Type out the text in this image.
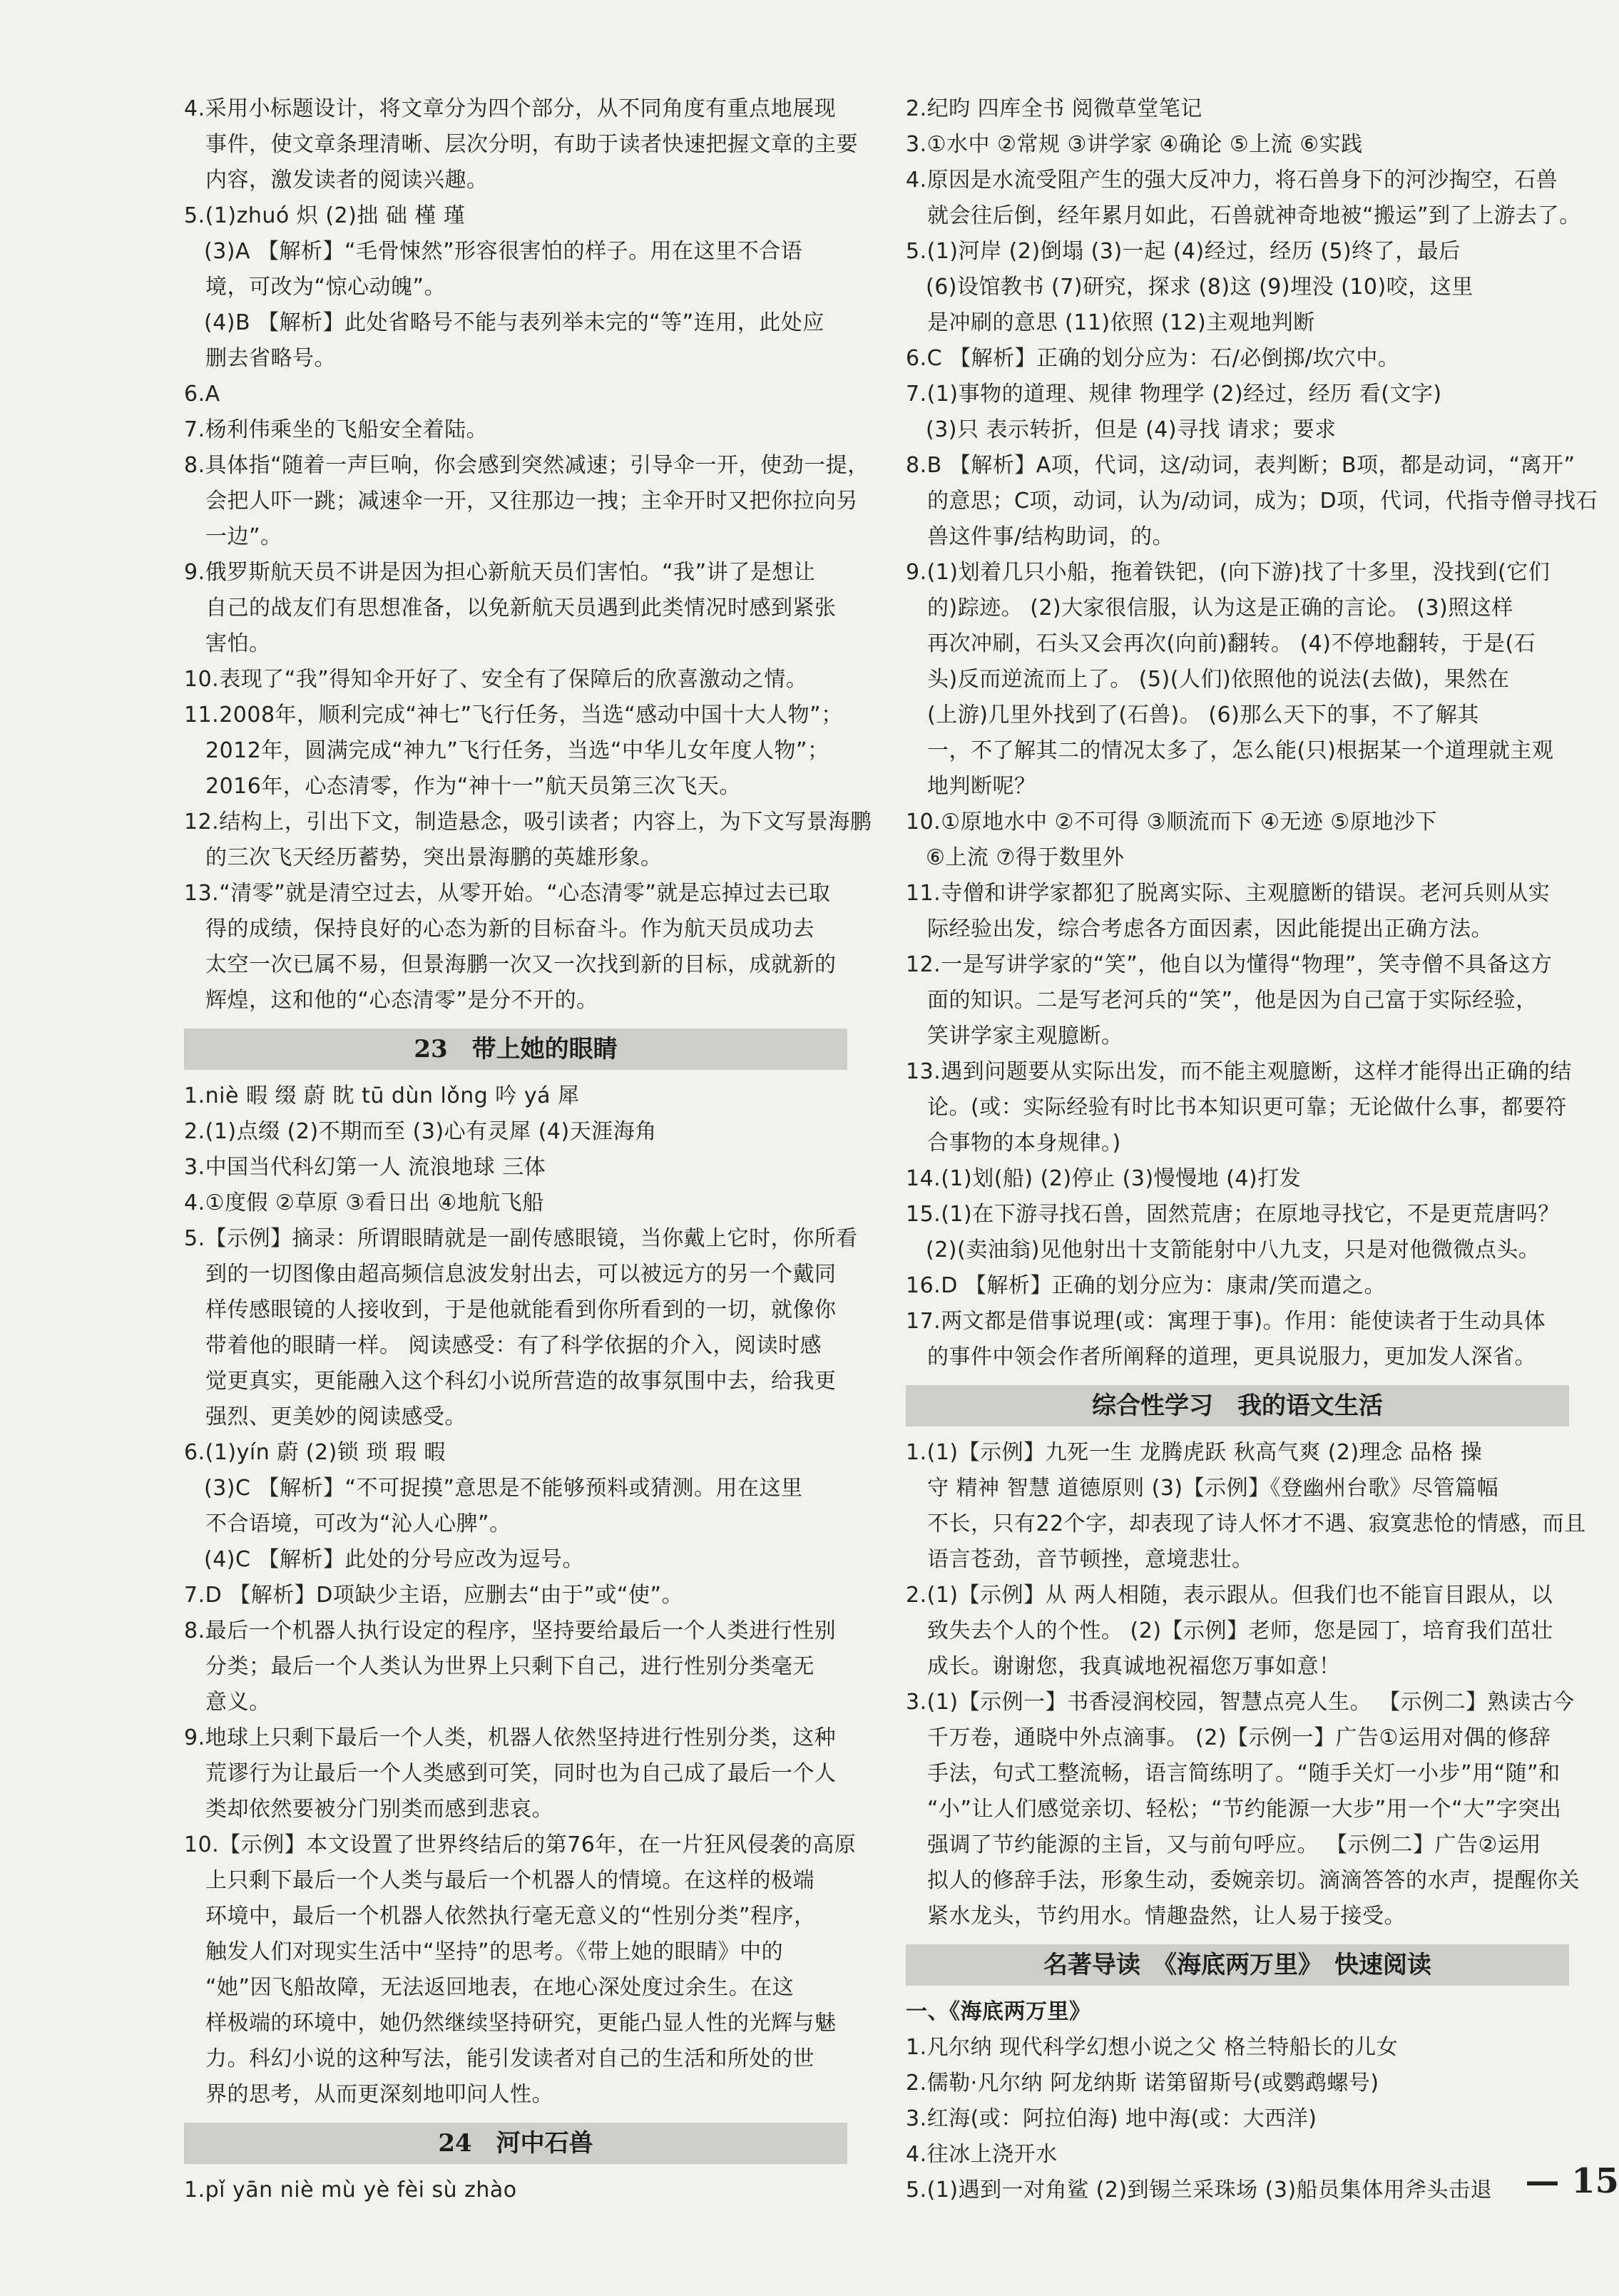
4.采用小标题设计，将文章分为四个部分，从不同角度有重点地展现
事件，使文章条理清晰、层次分明，有助于读者快速把握文章的主要
内容，激发读者的阅读兴趣。
5.(1)zhuó 炽 (2)拙 础 槿 瑾
(3)A 【解析】“毛骨悚然”形容很害怕的样子。用在这里不合语
境，可改为“惊心动魄”。
(4)B 【解析】此处省略号不能与表列举未完的“等”连用，此处应
删去省略号。
6.A
7.杨利伟乘坐的飞船安全着陆。
8.具体指“随着一声巨响，你会感到突然减速；引导伞一开，使劲一提，
会把人吓一跳；减速伞一开，又往那边一拽；主伞开时又把你拉向另
一边”。
9.俄罗斯航天员不讲是因为担心新航天员们害怕。“我”讲了是想让
自己的战友们有思想准备，以免新航天员遇到此类情况时感到紧张
害怕。
10.表现了“我”得知伞开好了、安全有了保障后的欣喜激动之情。
11.2008年，顺利完成“神七”飞行任务，当选“感动中国十大人物”；
2012年，圆满完成“神九”飞行任务，当选“中华儿女年度人物”；
2016年，心态清零，作为“神十一”航天员第三次飞天。
12.结构上，引出下文，制造悬念，吸引读者；内容上，为下文写景海鹏
的三次飞天经历蓄势，突出景海鹏的英雄形象。
13.“清零”就是清空过去，从零开始。“心态清零”就是忘掉过去已取
得的成绩，保持良好的心态为新的目标奋斗。作为航天员成功去
太空一次已属不易，但景海鹏一次又一次找到新的目标，成就新的
辉煌，这和他的“心态清零”是分不开的。
23　带上她的眼睛
1.niè 暇 缀 蔚 眈 tū dùn lǒng 吟 yá 犀
2.(1)点缀 (2)不期而至 (3)心有灵犀 (4)天涯海角
3.中国当代科幻第一人 流浪地球 三体
4.①度假 ②草原 ③看日出 ④地航飞船
5.【示例】摘录：所谓眼睛就是一副传感眼镜，当你戴上它时，你所看
到的一切图像由超高频信息波发射出去，可以被远方的另一个戴同
样传感眼镜的人接收到，于是他就能看到你所看到的一切，就像你
带着他的眼睛一样。 阅读感受：有了科学依据的介入，阅读时感
觉更真实，更能融入这个科幻小说所营造的故事氛围中去，给我更
强烈、更美妙的阅读感受。
6.(1)yín 蔚 (2)锁 琐 瑕 暇
(3)C 【解析】“不可捉摸”意思是不能够预料或猜测。用在这里
不合语境，可改为“沁人心脾”。
(4)C 【解析】此处的分号应改为逗号。
7.D 【解析】D项缺少主语，应删去“由于”或“使”。
8.最后一个机器人执行设定的程序，坚持要给最后一个人类进行性别
分类；最后一个人类认为世界上只剩下自己，进行性别分类毫无
意义。
9.地球上只剩下最后一个人类，机器人依然坚持进行性别分类，这种
荒谬行为让最后一个人类感到可笑，同时也为自己成了最后一个人
类却依然要被分门别类而感到悲哀。
10.【示例】本文设置了世界终结后的第76年，在一片狂风侵袭的高原
上只剩下最后一个人类与最后一个机器人的情境。在这样的极端
环境中，最后一个机器人依然执行毫无意义的“性别分类”程序，
触发人们对现实生活中“坚持”的思考。《带上她的眼睛》中的
“她”因飞船故障，无法返回地表，在地心深处度过余生。在这
样极端的环境中，她仍然继续坚持研究，更能凸显人性的光辉与魅
力。科幻小说的这种写法，能引发读者对自己的生活和所处的世
界的思考，从而更深刻地叩问人性。
24　河中石兽
1.pǐ yān niè mù yè fèi sù zhào
2.纪昀 四库全书 阅微草堂笔记
3.①水中 ②常规 ③讲学家 ④确论 ⑤上流 ⑥实践
4.原因是水流受阻产生的强大反冲力，将石兽身下的河沙掏空，石兽
就会往后倒，经年累月如此，石兽就神奇地被“搬运”到了上游去了。
5.(1)河岸 (2)倒塌 (3)一起 (4)经过，经历 (5)终了，最后
(6)设馆教书 (7)研究，探求 (8)这 (9)埋没 (10)咬，这里
是冲刷的意思 (11)依照 (12)主观地判断
6.C 【解析】正确的划分应为：石/必倒掷/坎穴中。
7.(1)事物的道理、规律 物理学 (2)经过，经历 看(文字)
(3)只 表示转折，但是 (4)寻找 请求；要求
8.B 【解析】A项，代词，这/动词，表判断；B项，都是动词，“离开”
的意思；C项，动词，认为/动词，成为；D项，代词，代指寺僧寻找石
兽这件事/结构助词，的。
9.(1)划着几只小船，拖着铁钯，(向下游)找了十多里，没找到(它们
的)踪迹。 (2)大家很信服，认为这是正确的言论。 (3)照这样
再次冲刷，石头又会再次(向前)翻转。 (4)不停地翻转，于是(石
头)反而逆流而上了。 (5)(人们)依照他的说法(去做)，果然在
(上游)几里外找到了(石兽)。 (6)那么天下的事，不了解其
一，不了解其二的情况太多了，怎么能(只)根据某一个道理就主观
地判断呢？
10.①原地水中 ②不可得 ③顺流而下 ④无迹 ⑤原地沙下
⑥上流 ⑦得于数里外
11.寺僧和讲学家都犯了脱离实际、主观臆断的错误。老河兵则从实
际经验出发，综合考虑各方面因素，因此能提出正确方法。
12.一是写讲学家的“笑”，他自以为懂得“物理”，笑寺僧不具备这方
面的知识。二是写老河兵的“笑”，他是因为自己富于实际经验，
笑讲学家主观臆断。
13.遇到问题要从实际出发，而不能主观臆断，这样才能得出正确的结
论。(或：实际经验有时比书本知识更可靠；无论做什么事，都要符
合事物的本身规律。)
14.(1)划(船) (2)停止 (3)慢慢地 (4)打发
15.(1)在下游寻找石兽，固然荒唐；在原地寻找它，不是更荒唐吗？
(2)(卖油翁)见他射出十支箭能射中八九支，只是对他微微点头。
16.D 【解析】正确的划分应为：康肃/笑而遣之。
17.两文都是借事说理(或：寓理于事)。作用：能使读者于生动具体
的事件中领会作者所阐释的道理，更具说服力，更加发人深省。
综合性学习　我的语文生活
1.(1)【示例】九死一生 龙腾虎跃 秋高气爽 (2)理念 品格 操
守 精神 智慧 道德原则 (3)【示例】《登幽州台歌》尽管篇幅
不长，只有22个字，却表现了诗人怀才不遇、寂寞悲怆的情感，而且
语言苍劲，音节顿挫，意境悲壮。
2.(1)【示例】从 两人相随，表示跟从。但我们也不能盲目跟从，以
致失去个人的个性。 (2)【示例】老师，您是园丁，培育我们茁壮
成长。谢谢您，我真诚地祝福您万事如意！
3.(1)【示例一】书香浸润校园，智慧点亮人生。 【示例二】熟读古今
千万卷，通晓中外点滴事。 (2)【示例一】广告①运用对偶的修辞
手法，句式工整流畅，语言简练明了。“随手关灯一小步”用“随”和
“小”让人们感觉亲切、轻松；“节约能源一大步”用一个“大”字突出
强调了节约能源的主旨，又与前句呼应。 【示例二】广告②运用
拟人的修辞手法，形象生动，委婉亲切。滴滴答答的水声，提醒你关
紧水龙头，节约用水。情趣盎然，让人易于接受。
名著导读　《海底两万里》　快速阅读
一、《海底两万里》
1.凡尔纳 现代科学幻想小说之父 格兰特船长的儿女
2.儒勒·凡尔纳 阿龙纳斯 诺第留斯号(或鹦鹉螺号)
3.红海(或：阿拉伯海) 地中海(或：大西洋)
4.往冰上浇开水
5.(1)遇到一对角鲨 (2)到锡兰采珠场 (3)船员集体用斧头击退 — 15
